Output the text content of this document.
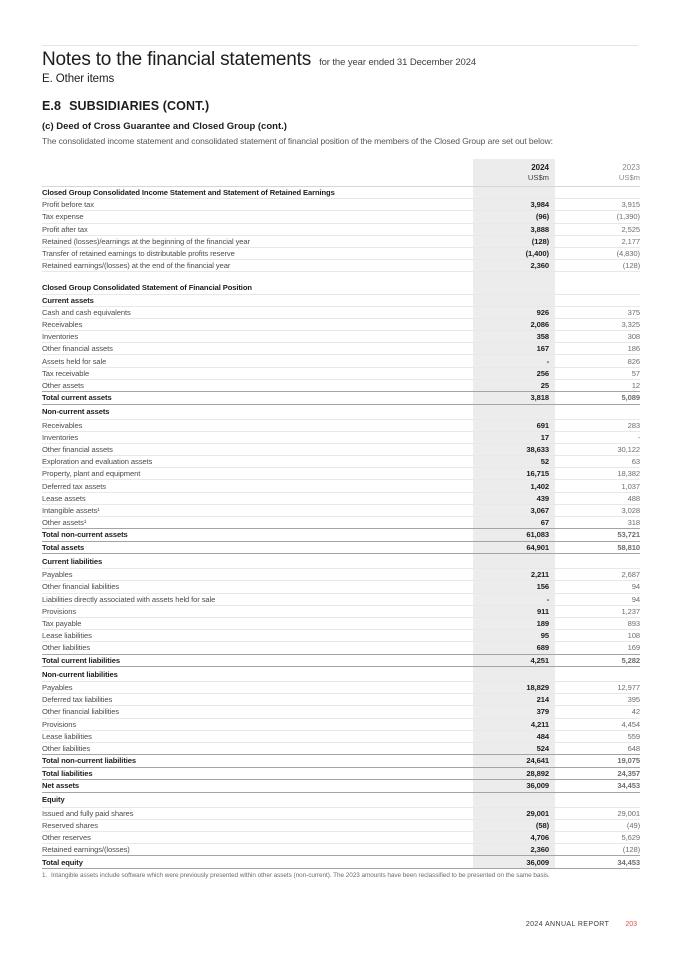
Notes to the financial statements for the year ended 31 December 2024
E. Other items
E.8 SUBSIDIARIES (CONT.)
(c) Deed of Cross Guarantee and Closed Group (cont.)
The consolidated income statement and consolidated statement of financial position of the members of the Closed Group are set out below:
2024
US$m
2023
US$m
Closed Group Consolidated Income Statement and Statement of Retained Earnings
Profit before tax	3,984	3,915
Tax expense	(96)	(1,390)
Profit after tax	3,888	2,525
Retained (losses)/earnings at the beginning of the financial year	(128)	2,177
Transfer of retained earnings to distributable profits reserve	(1,400)	(4,830)
Retained earnings/(losses) at the end of the financial year	2,360	(128)
Closed Group Consolidated Statement of Financial Position
Current assets
Cash and cash equivalents	926	375
Receivables	2,086	3,325
Inventories	358	308
Other financial assets	167	186
Assets held for sale	-	826
Tax receivable	256	57
Other assets	25	12
Total current assets	3,818	5,089
Non-current assets
Receivables	691	283
Inventories	17	-
Other financial assets	38,633	30,122
Exploration and evaluation assets	52	63
Property, plant and equipment	16,715	18,382
Deferred tax assets	1,402	1,037
Lease assets	439	488
Intangible assets¹	3,067	3,028
Other assets¹	67	318
Total non-current assets	61,083	53,721
Total assets	64,901	58,810
Current liabilities
Payables	2,211	2,687
Other financial liabilities	156	94
Liabilities directly associated with assets held for sale	-	94
Provisions	911	1,237
Tax payable	189	893
Lease liabilities	95	108
Other liabilities	689	169
Total current liabilities	4,251	5,282
Non-current liabilities
Payables	18,829	12,977
Deferred tax liabilities	214	395
Other financial liabilities	379	42
Provisions	4,211	4,454
Lease liabilities	484	559
Other liabilities	524	648
Total non-current liabilities	24,641	19,075
Total liabilities	28,892	24,357
Net assets	36,009	34,453
Equity
Issued and fully paid shares	29,001	29,001
Reserved shares	(58)	(49)
Other reserves	4,706	5,629
Retained earnings/(losses)	2,360	(128)
Total equity	36,009	34,453
1. Intangible assets include software which were previously presented within other assets (non-current). The 2023 amounts have been reclassified to be presented on the same basis.
2024 ANNUAL REPORT 203
